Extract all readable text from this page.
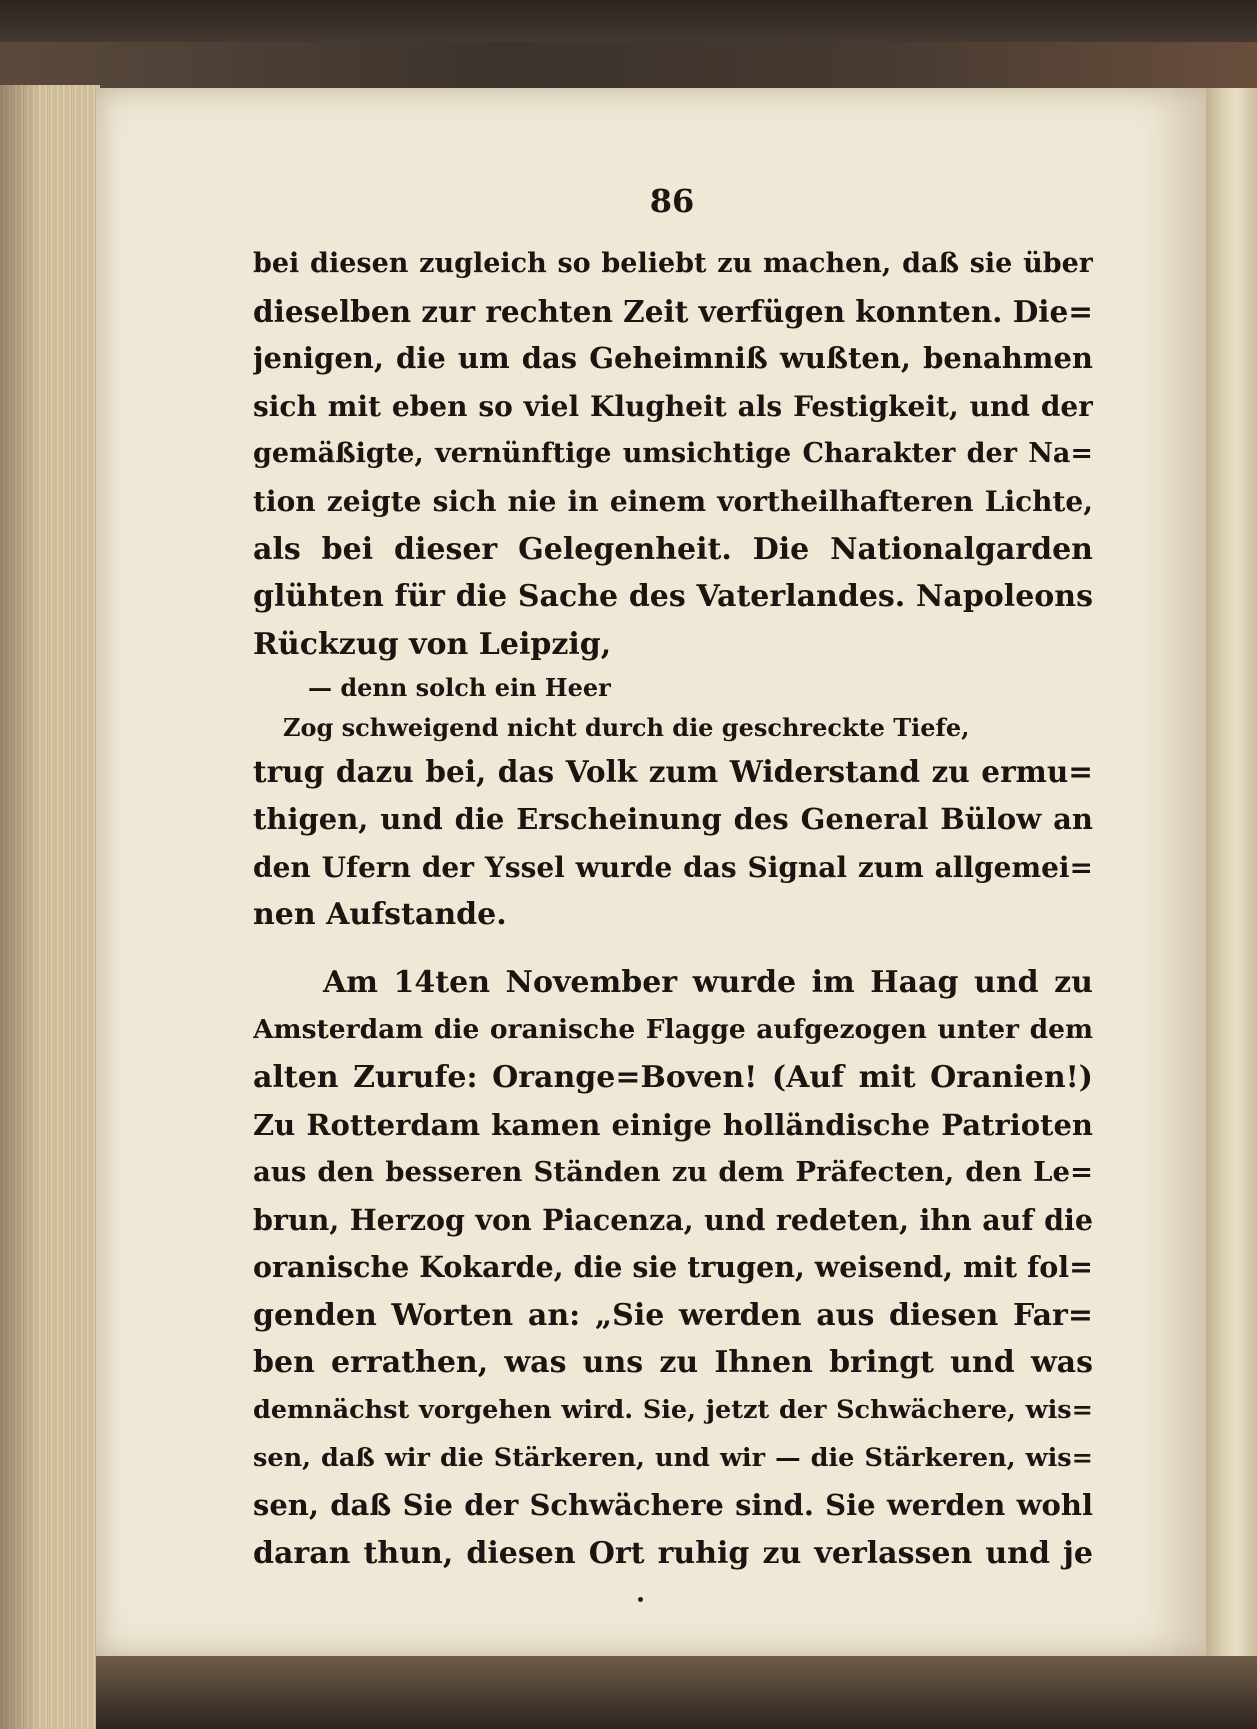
86
bei diesen zugleich so beliebt zu machen, daß sie über
dieselben zur rechten Zeit verfügen konnten. Die=
jenigen, die um das Geheimniß wußten, benahmen
sich mit eben so viel Klugheit als Festigkeit, und der
gemäßigte, vernünftige umsichtige Charakter der Na=
tion zeigte sich nie in einem vortheilhafteren Lichte,
als bei dieser Gelegenheit. Die Nationalgarden
glühten für die Sache des Vaterlandes. Napoleons
Rückzug von Leipzig,
— denn solch ein Heer
Zog schweigend nicht durch die geschreckte Tiefe,
trug dazu bei, das Volk zum Widerstand zu ermu=
thigen, und die Erscheinung des General Bülow an
den Ufern der Yssel wurde das Signal zum allgemei=
nen Aufstande.
Am 14ten November wurde im Haag und zu
Amsterdam die oranische Flagge aufgezogen unter dem
alten Zurufe: Orange=Boven! (Auf mit Oranien!)
Zu Rotterdam kamen einige holländische Patrioten
aus den besseren Ständen zu dem Präfecten, den Le=
brun, Herzog von Piacenza, und redeten, ihn auf die
oranische Kokarde, die sie trugen, weisend, mit fol=
genden Worten an: „Sie werden aus diesen Far=
ben errathen, was uns zu Ihnen bringt und was
demnächst vorgehen wird. Sie, jetzt der Schwächere, wis=
sen, daß wir die Stärkeren, und wir — die Stärkeren, wis=
sen, daß Sie der Schwächere sind. Sie werden wohl
daran thun, diesen Ort ruhig zu verlassen und je
